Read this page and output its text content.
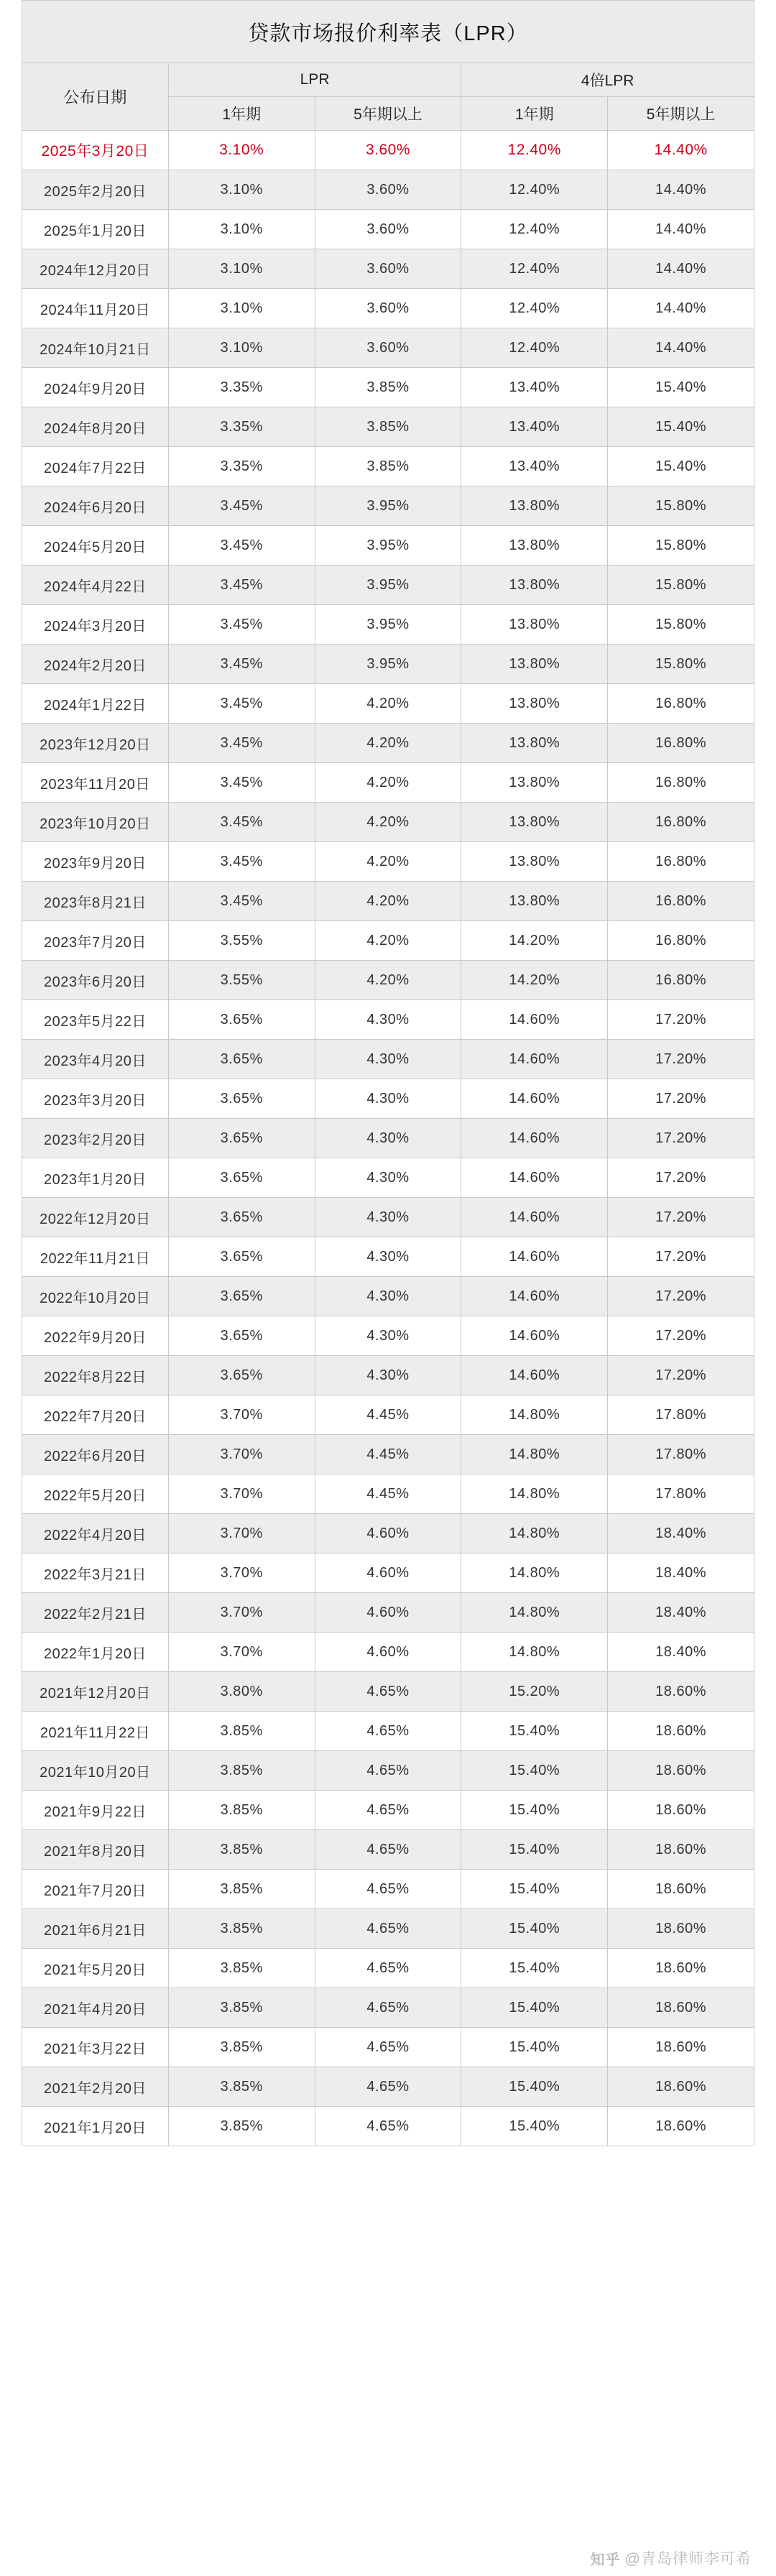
贷款市场报价利率表（LPR）				
公布日期	LPR		4倍LPR	
	1年期	5年期以上	1年期	5年期以上
2025年3月20日	3.10%	3.60%	12.40%	14.40%
2025年2月20日	3.10%	3.60%	12.40%	14.40%
2025年1月20日	3.10%	3.60%	12.40%	14.40%
2024年12月20日	3.10%	3.60%	12.40%	14.40%
2024年11月20日	3.10%	3.60%	12.40%	14.40%
2024年10月21日	3.10%	3.60%	12.40%	14.40%
2024年9月20日	3.35%	3.85%	13.40%	15.40%
2024年8月20日	3.35%	3.85%	13.40%	15.40%
2024年7月22日	3.35%	3.85%	13.40%	15.40%
2024年6月20日	3.45%	3.95%	13.80%	15.80%
2024年5月20日	3.45%	3.95%	13.80%	15.80%
2024年4月22日	3.45%	3.95%	13.80%	15.80%
2024年3月20日	3.45%	3.95%	13.80%	15.80%
2024年2月20日	3.45%	3.95%	13.80%	15.80%
2024年1月22日	3.45%	4.20%	13.80%	16.80%
2023年12月20日	3.45%	4.20%	13.80%	16.80%
2023年11月20日	3.45%	4.20%	13.80%	16.80%
2023年10月20日	3.45%	4.20%	13.80%	16.80%
2023年9月20日	3.45%	4.20%	13.80%	16.80%
2023年8月21日	3.45%	4.20%	13.80%	16.80%
2023年7月20日	3.55%	4.20%	14.20%	16.80%
2023年6月20日	3.55%	4.20%	14.20%	16.80%
2023年5月22日	3.65%	4.30%	14.60%	17.20%
2023年4月20日	3.65%	4.30%	14.60%	17.20%
2023年3月20日	3.65%	4.30%	14.60%	17.20%
2023年2月20日	3.65%	4.30%	14.60%	17.20%
2023年1月20日	3.65%	4.30%	14.60%	17.20%
2022年12月20日	3.65%	4.30%	14.60%	17.20%
2022年11月21日	3.65%	4.30%	14.60%	17.20%
2022年10月20日	3.65%	4.30%	14.60%	17.20%
2022年9月20日	3.65%	4.30%	14.60%	17.20%
2022年8月22日	3.65%	4.30%	14.60%	17.20%
2022年7月20日	3.70%	4.45%	14.80%	17.80%
2022年6月20日	3.70%	4.45%	14.80%	17.80%
2022年5月20日	3.70%	4.45%	14.80%	17.80%
2022年4月20日	3.70%	4.60%	14.80%	18.40%
2022年3月21日	3.70%	4.60%	14.80%	18.40%
2022年2月21日	3.70%	4.60%	14.80%	18.40%
2022年1月20日	3.70%	4.60%	14.80%	18.40%
2021年12月20日	3.80%	4.65%	15.20%	18.60%
2021年11月22日	3.85%	4.65%	15.40%	18.60%
2021年10月20日	3.85%	4.65%	15.40%	18.60%
2021年9月22日	3.85%	4.65%	15.40%	18.60%
2021年8月20日	3.85%	4.65%	15.40%	18.60%
2021年7月20日	3.85%	4.65%	15.40%	18.60%
2021年6月21日	3.85%	4.65%	15.40%	18.60%
2021年5月20日	3.85%	4.65%	15.40%	18.60%
2021年4月20日	3.85%	4.65%	15.40%	18.60%
2021年3月22日	3.85%	4.65%	15.40%	18.60%
2021年2月20日	3.85%	4.65%	15.40%	18.60%
2021年1月20日	3.85%	4.65%	15.40%	18.60%
知乎 @青岛律师李可希
